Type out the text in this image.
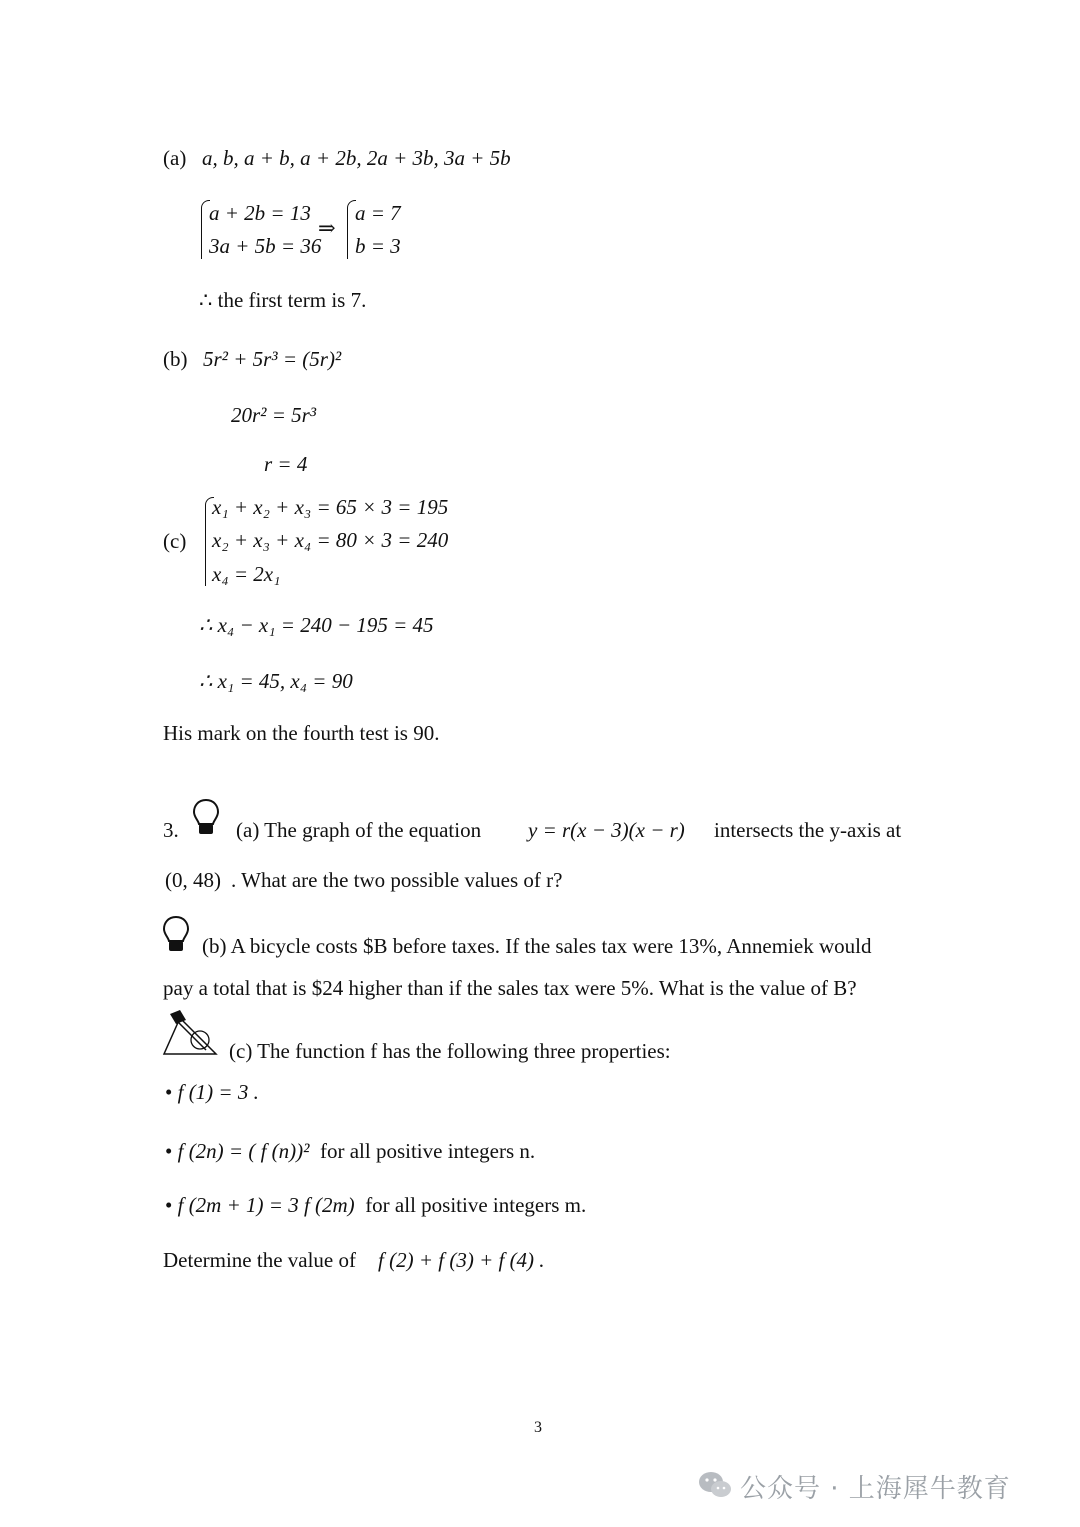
(a) a, b, a + b, a + 2b, 2a + 3b, 3a + 5b
a + 2b = 13
3a + 5b = 36
⇒
a = 7
b = 3
∴ the first term is 7.
(b) 5r² + 5r³ = (5r)²
20r² = 5r³
r = 4
(c)
x₁ + x₂ + x₃ = 65 × 3 = 195
x₂ + x₃ + x₄ = 80 × 3 = 240
x₄ = 2x₁
∴ x₄ − x₁ = 240 − 195 = 45
∴ x₁ = 45, x₄ = 90
His mark on the fourth test is 90.
3.	(a) The graph of the equation y = r(x − 3)(x − r) intersects the y-axis at
(0, 48) . What are the two possible values of r?
(b) A bicycle costs $B before taxes. If the sales tax were 13%, Annemiek would
pay a total that is $24 higher than if the sales tax were 5%. What is the value of B?
(c) The function f has the following three properties:
• f (1) = 3 .
• f (2n) = ( f (n))² for all positive integers n.
• f (2m + 1) = 3 f (2m) for all positive integers m.
Determine the value of f (2) + f (3) + f (4) .
3
公众号 · 上海犀牛教育
